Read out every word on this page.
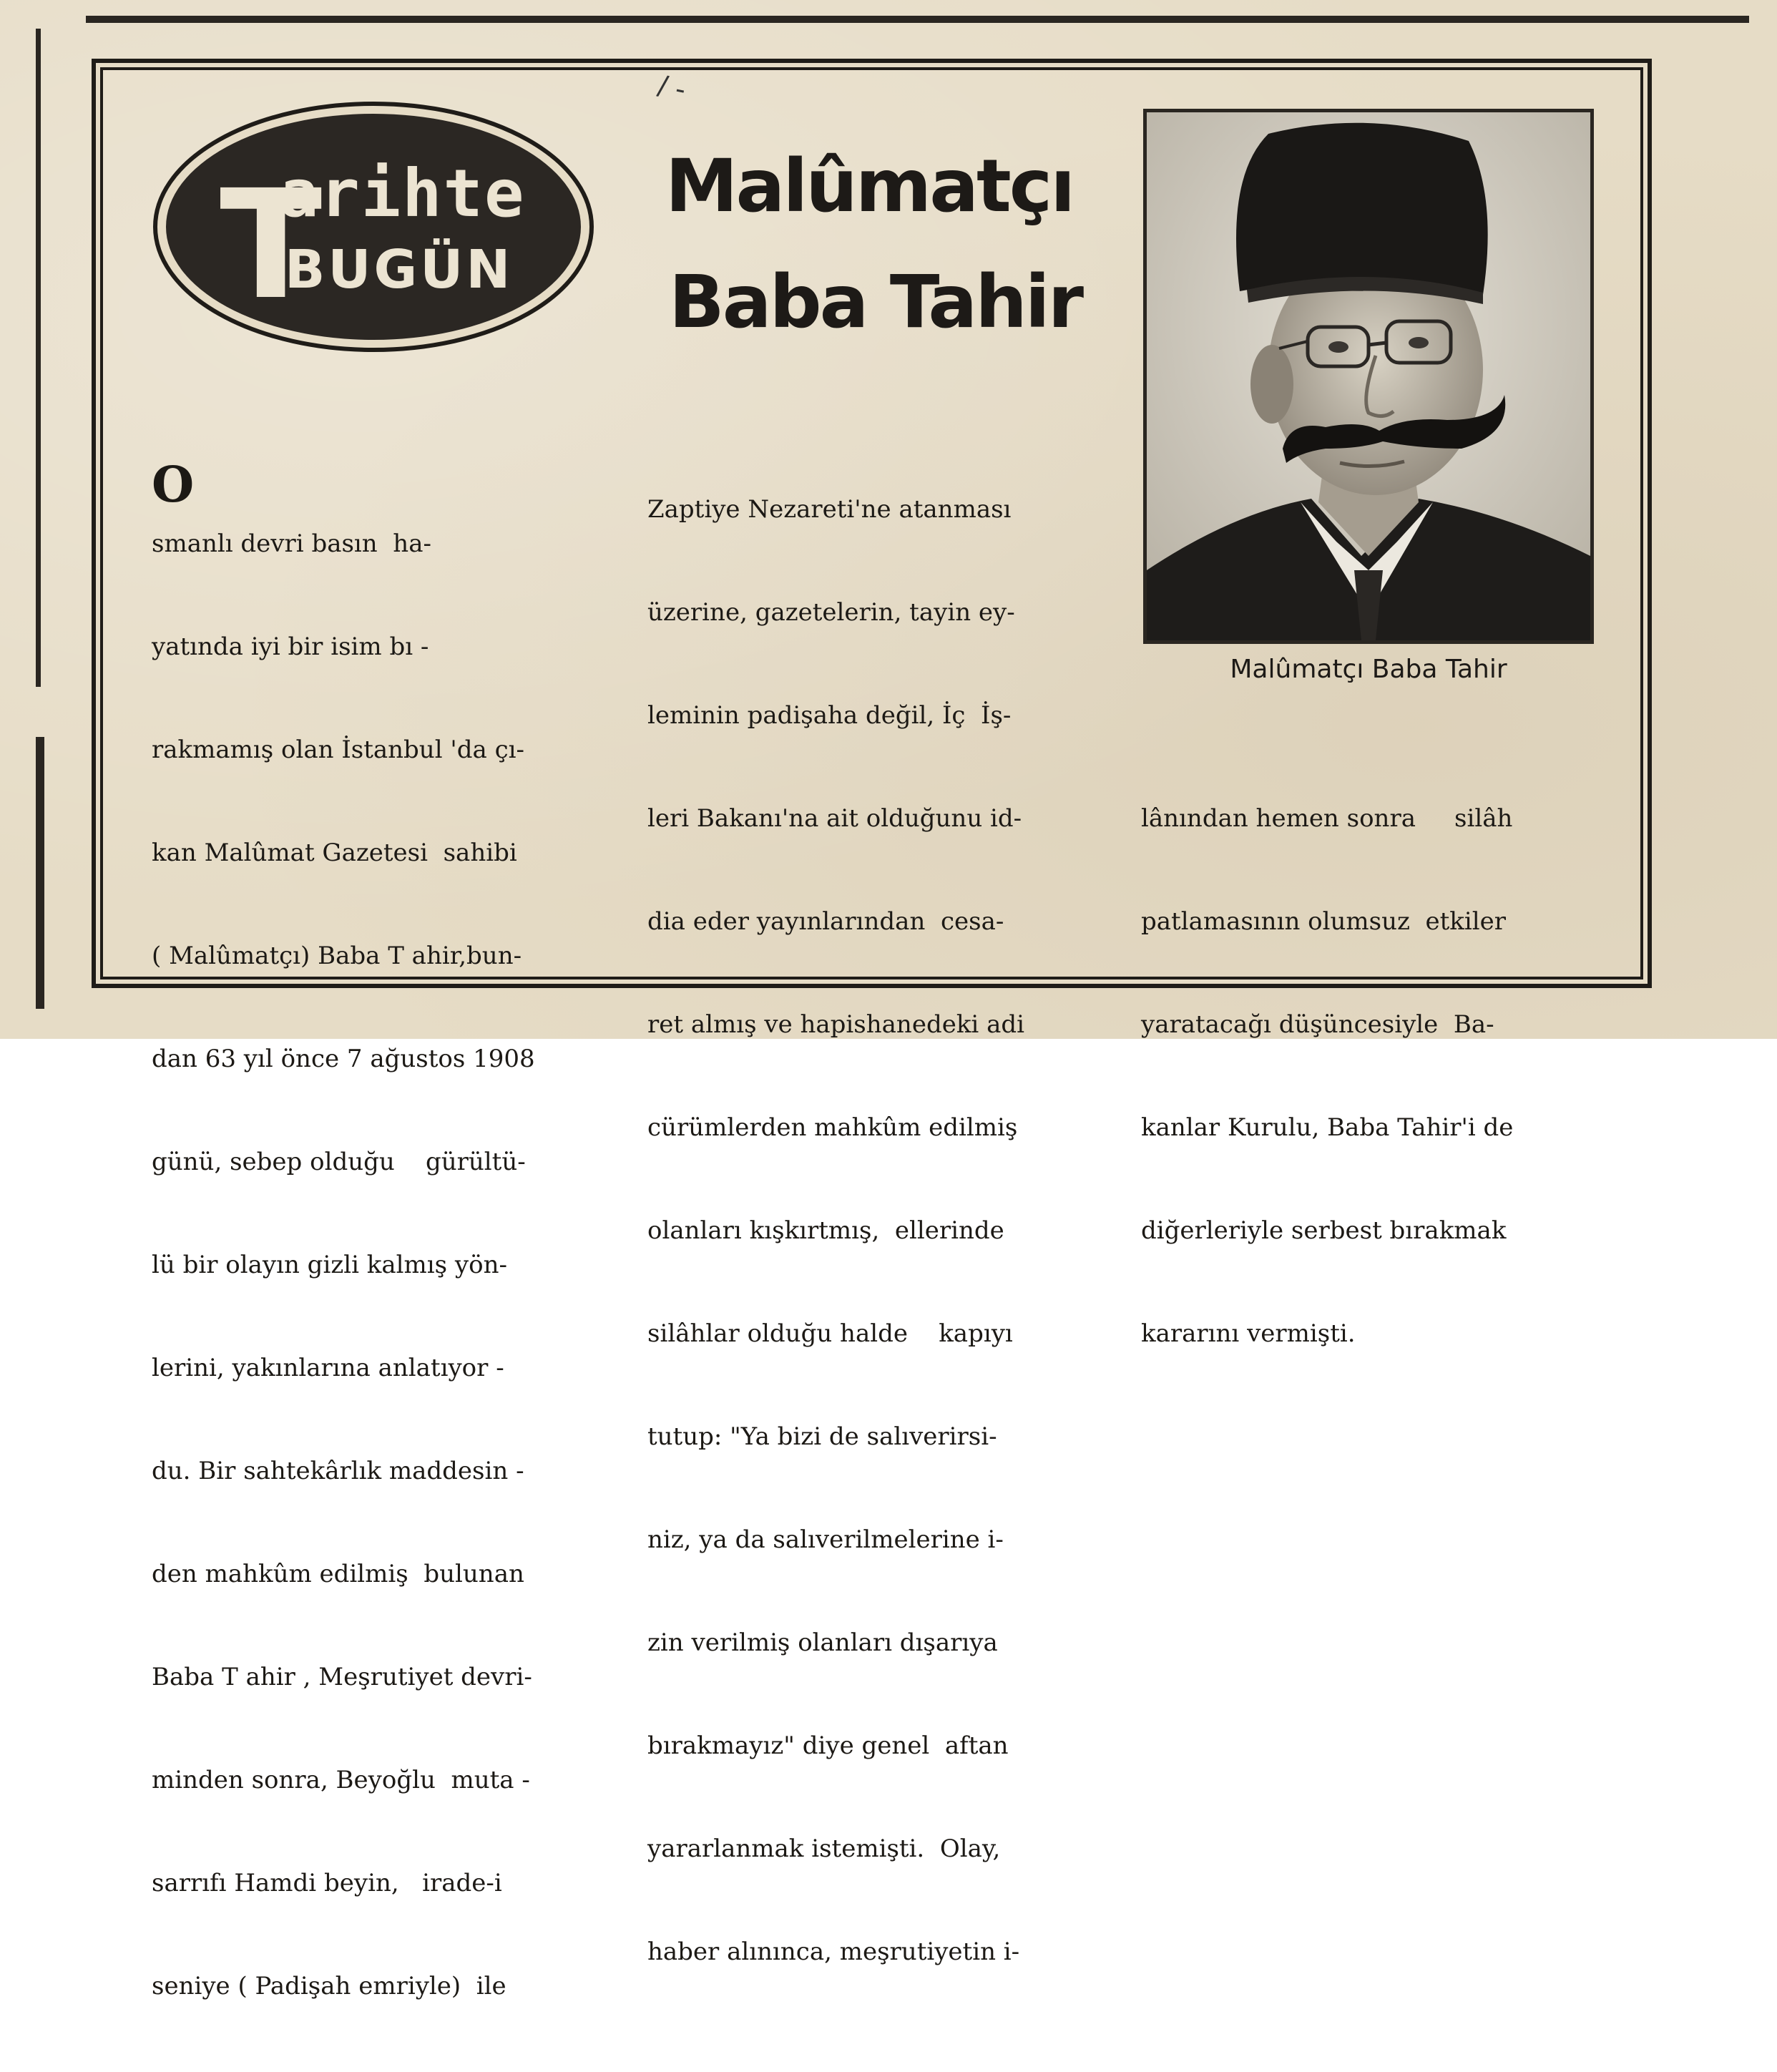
T
arihte
BUGÜN
/ -
Malûmatçı
Baba Tahir
Malûmatçı Baba Tahir

O

smanlı devri basın  ha-

yatında iyi bir isim bı -

rakmamış olan İstanbul 'da çı-

kan Malûmat Gazetesi  sahibi

( Malûmatçı) Baba T ahir,bun-

dan 63 yıl önce 7 ağustos 1908

günü, sebep olduğu    gürültü-

lü bir olayın gizli kalmış yön-

lerini, yakınlarına anlatıyor -

du. Bir sahtekârlık maddesin -

den mahkûm edilmiş  bulunan

Baba T ahir , Meşrutiyet devri-

minden sonra, Beyoğlu  muta -

sarrıfı Hamdi beyin,   irade-i

seniye ( Padişah emriyle)  ile

Zaptiye Nezareti'ne atanması

üzerine, gazetelerin, tayin ey-

leminin padişaha değil, İç  İş-

leri Bakanı'na ait olduğunu id-

dia eder yayınlarından  cesa-

ret almış ve hapishanedeki adi

cürümlerden mahkûm edilmiş

olanları kışkırtmış,  ellerinde

silâhlar olduğu halde    kapıyı

tutup: "Ya bizi de salıverirsi-

niz, ya da salıverilmelerine i-

zin verilmiş olanları dışarıya

bırakmayız" diye genel  aftan

yararlanmak istemişti.  Olay,

haber alınınca, meşrutiyetin i-

lânından hemen sonra     silâh

patlamasının olumsuz  etkiler

yaratacağı düşüncesiyle  Ba-

kanlar Kurulu, Baba Tahir'i de

diğerleriyle serbest bırakmak

kararını vermişti.
